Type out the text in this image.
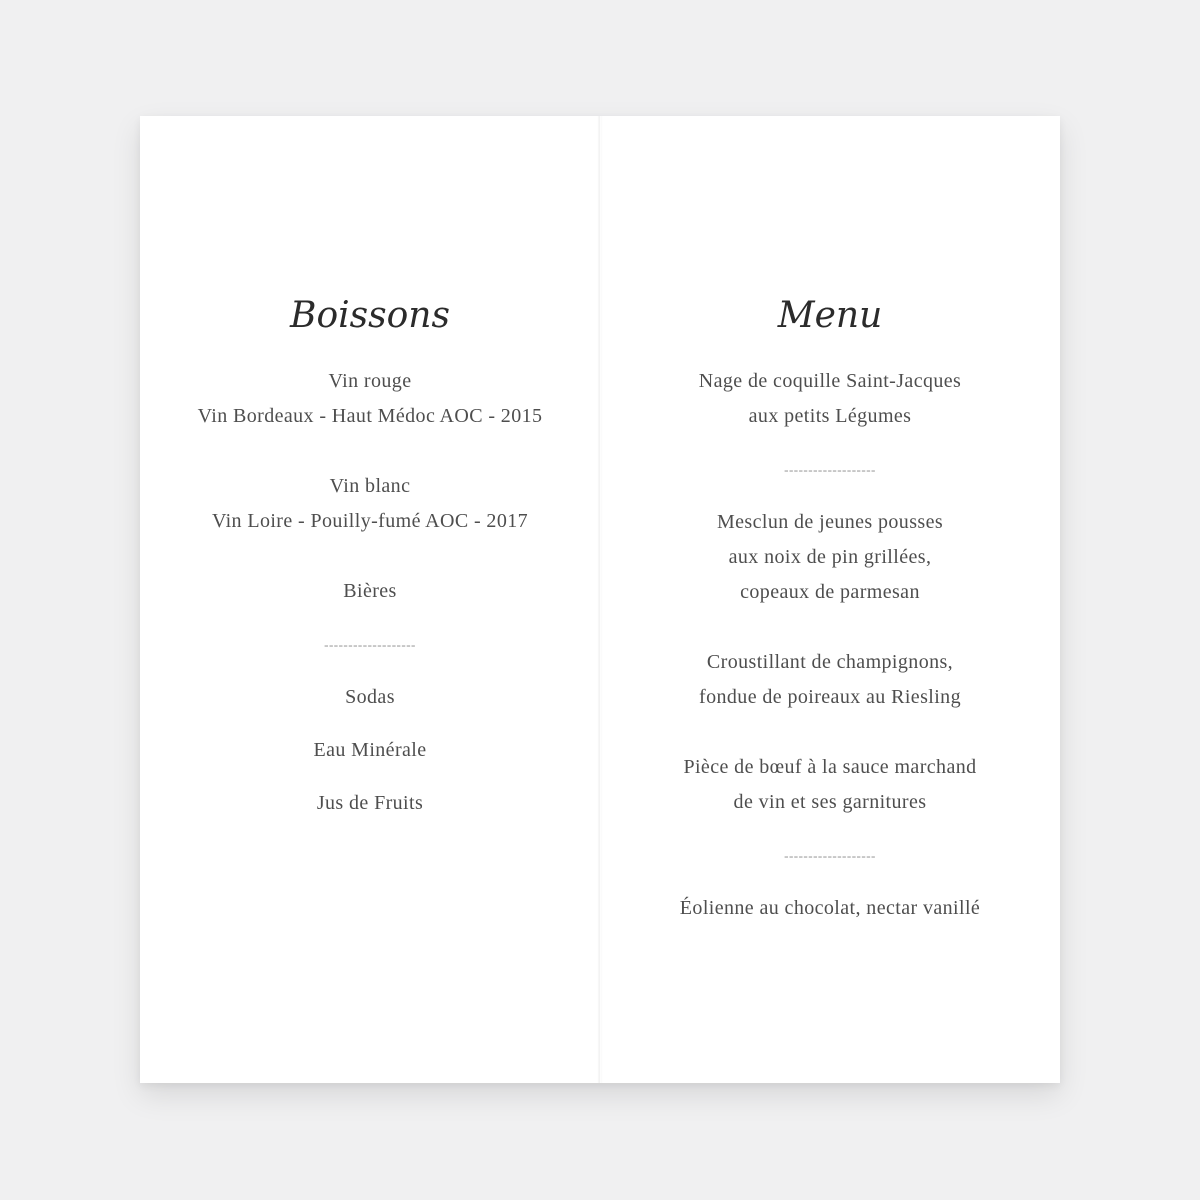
Boissons
Vin rouge
Vin Bordeaux - Haut Médoc AOC - 2015
Vin blanc
Vin Loire - Pouilly-fumé AOC - 2017
Bières
-------------------
Sodas
Eau Minérale
Jus de Fruits
Menu
Nage de coquille Saint-Jacques
aux petits Légumes
-------------------
Mesclun de jeunes pousses
aux noix de pin grillées,
copeaux de parmesan
Croustillant de champignons,
fondue de poireaux au Riesling
Pièce de bœuf à la sauce marchand
de vin et ses garnitures
-------------------
Éolienne au chocolat, nectar vanillé
